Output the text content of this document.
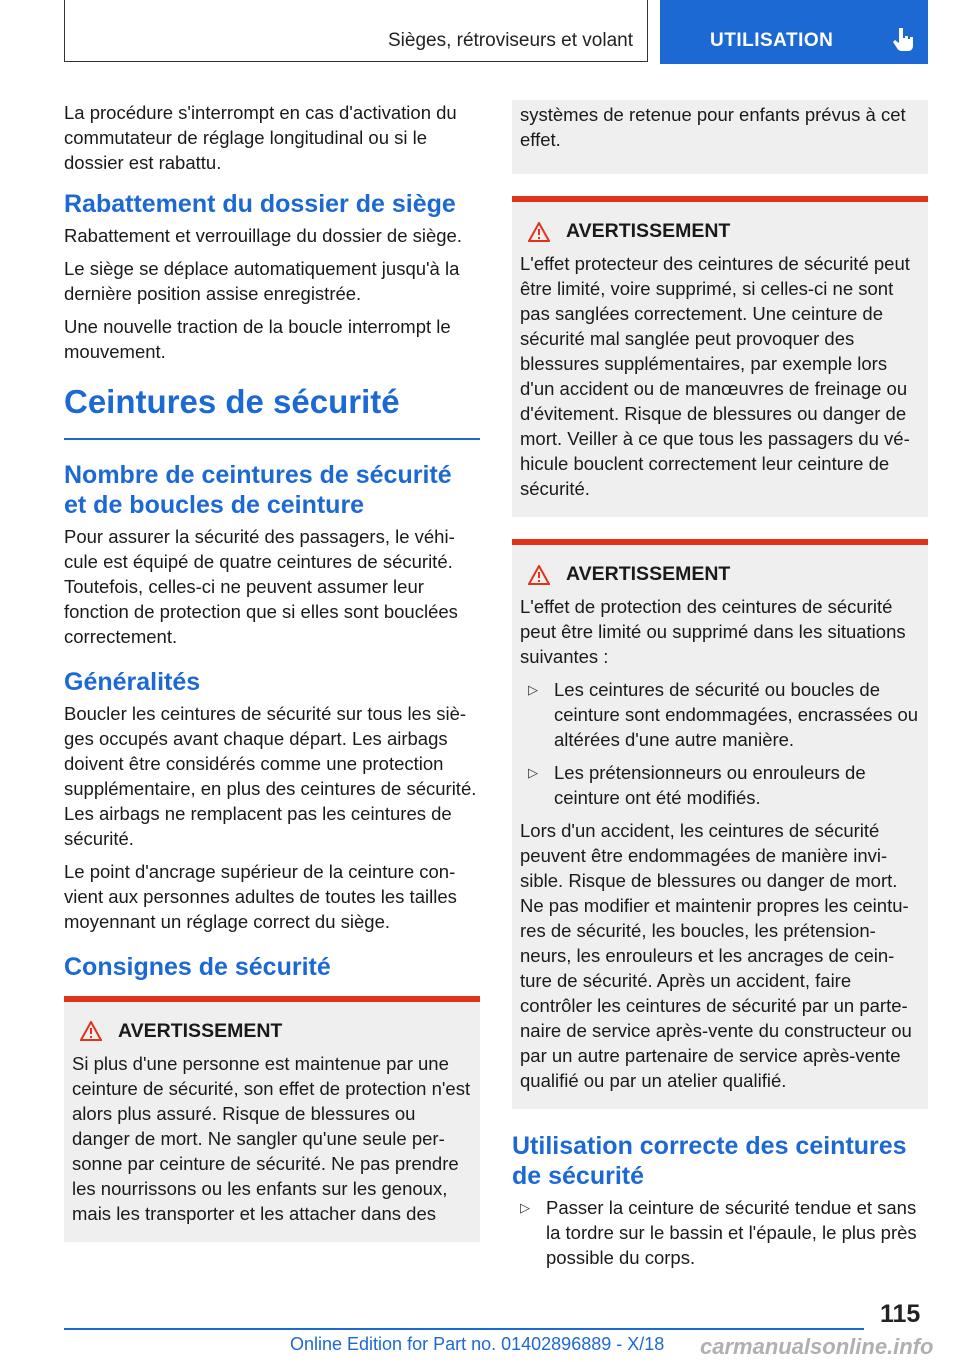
Sièges, rétroviseurs et volant	UTILISATION

La procédure s'interrompt en cas d'activation du commutateur de réglage longitudinal ou si le dossier est rabattu.

Rabattement du dossier de siège

Rabattement et verrouillage du dossier de siège.

Le siège se déplace automatiquement jusqu'à la dernière position assise enregistrée.

Une nouvelle traction de la boucle interrompt le mouvement.

Ceintures de sécurité
Nombre de ceintures de sécurité et de boucles de ceinture

Pour assurer la sécurité des passagers, le véhicule est équipé de quatre ceintures de sécurité. Toutefois, celles-ci ne peuvent assumer leur fonction de protection que si elles sont bouclées correctement.

Généralités

Boucler les ceintures de sécurité sur tous les sièges occupés avant chaque départ. Les airbags doivent être considérés comme une protection supplémentaire, en plus des ceintures de sécurité. Les airbags ne remplacent pas les ceintures de sécurité.

Le point d'ancrage supérieur de la ceinture convient aux personnes adultes de toutes les tailles moyennant un réglage correct du siège.

Consignes de sécurité
AVERTISSEMENT

Si plus d'une personne est maintenue par une ceinture de sécurité, son effet de protection n'est alors plus assuré. Risque de blessures ou danger de mort. Ne sangler qu'une seule personne par ceinture de sécurité. Ne pas prendre les nourrissons ou les enfants sur les genoux, mais les transporter et les attacher dans des

systèmes de retenue pour enfants prévus à cet effet.

AVERTISSEMENT

L'effet protecteur des ceintures de sécurité peut être limité, voire supprimé, si celles-ci ne sont pas sanglées correctement. Une ceinture de sécurité mal sanglée peut provoquer des blessures supplémentaires, par exemple lors d'un accident ou de manœuvres de freinage ou d'évitement. Risque de blessures ou danger de mort. Veiller à ce que tous les passagers du véhicule bouclent correctement leur ceinture de sécurité.

AVERTISSEMENT

L'effet de protection des ceintures de sécurité peut être limité ou supprimé dans les situations suivantes :

▷ Les ceintures de sécurité ou boucles de ceinture sont endommagées, encrassées ou altérées d'une autre manière.
▷ Les prétensionneurs ou enrouleurs de ceinture ont été modifiés.

Lors d'un accident, les ceintures de sécurité peuvent être endommagées de manière invisible. Risque de blessures ou danger de mort. Ne pas modifier et maintenir propres les ceintures de sécurité, les boucles, les prétensionneurs, les enrouleurs et les ancrages de ceinture de sécurité. Après un accident, faire contrôler les ceintures de sécurité par un partenaire de service après-vente du constructeur ou par un autre partenaire de service après-vente qualifié ou par un atelier qualifié.

Utilisation correcte des ceintures de sécurité
▷ Passer la ceinture de sécurité tendue et sans la tordre sur le bassin et l'épaule, le plus près possible du corps.
115
Online Edition for Part no. 01402896889 - X/18 carmanualsonline.info
